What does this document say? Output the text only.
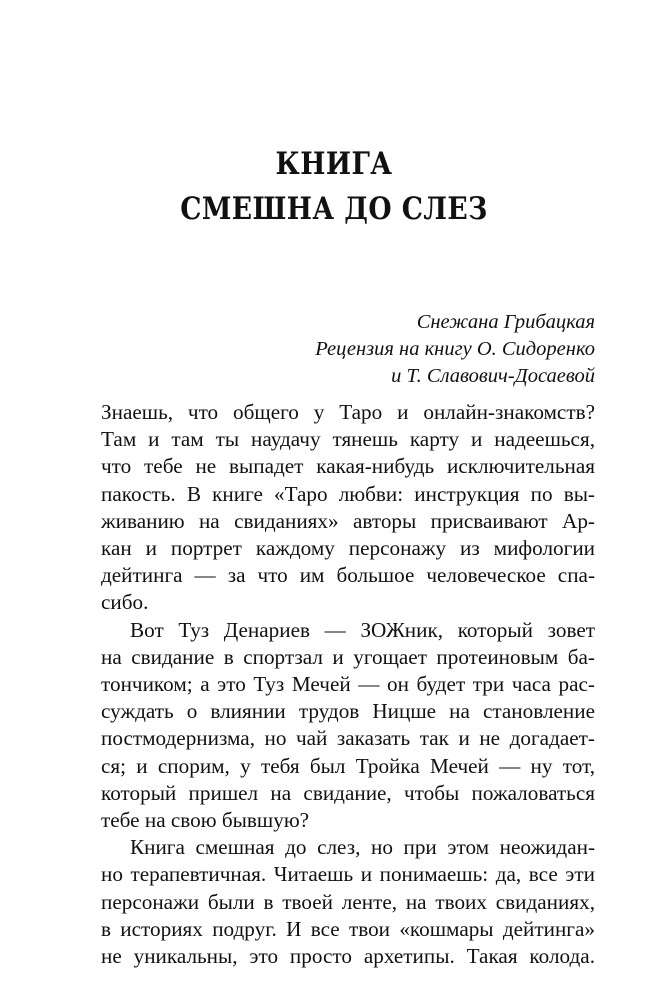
КНИГА
СМЕШНА ДО СЛЕЗ
Снежана Грибацкая
Рецензия на книгу О. Сидоренко
и Т. Славович-Досаевой
Знаешь, что общего у Таро и онлайн-знакомств?
Там и там ты наудачу тянешь карту и надеешься,
что тебе не выпадет какая-нибудь исключительная
пакость. В книге «Таро любви: инструкция по вы-
живанию на свиданиях» авторы присваивают Ар-
кан и портрет каждому персонажу из мифологии
дейтинга — за что им большое человеческое спа-
сибо.
Вот Туз Денариев — ЗОЖник, который зовет
на свидание в спортзал и угощает протеиновым ба-
тончиком; а это Туз Мечей — он будет три часа рас-
суждать о влиянии трудов Ницше на становление
постмодернизма, но чай заказать так и не догадает-
ся; и спорим, у тебя был Тройка Мечей — ну тот,
который пришел на свидание, чтобы пожаловаться
тебе на свою бывшую?
Книга смешная до слез, но при этом неожидан-
но терапевтичная. Читаешь и понимаешь: да, все эти
персонажи были в твоей ленте, на твоих свиданиях,
в историях подруг. И все твои «кошмары дейтинга»
не уникальны, это просто архетипы. Такая колода.
